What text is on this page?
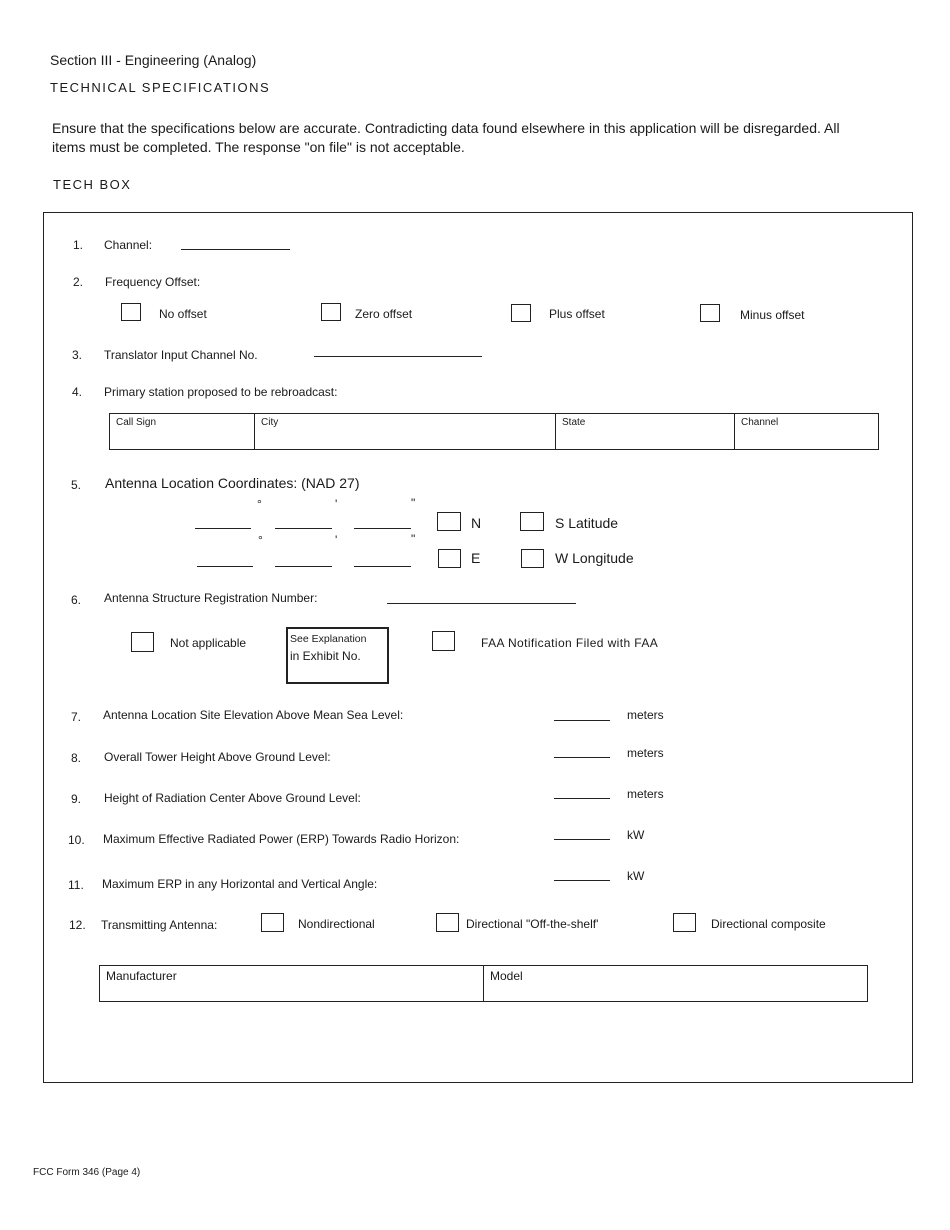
Section III - Engineering (Analog)
TECHNICAL SPECIFICATIONS
Ensure that the specifications below are accurate. Contradicting data found elsewhere in this application will be disregarded. All
items must be completed. The response "on file" is not acceptable.
TECH BOX
1. Channel:
2. Frequency Offset:
No offset	Zero offset	Plus offset	Minus offset
3. Translator Input Channel No.
4. Primary station proposed to be rebroadcast:
Call Sign	City	State	Channel
5. Antenna Location Coordinates: (NAD 27)
°	'	"
N	S Latitude
°	'	"
E	W Longitude
6. Antenna Structure Registration Number:
Not applicable	See Explanation
in Exhibit No.
FAA Notification Filed with FAA
7. Antenna Location Site Elevation Above Mean Sea Level:	meters
8. Overall Tower Height Above Ground Level:	meters
9. Height of Radiation Center Above Ground Level:	meters
10. Maximum Effective Radiated Power (ERP) Towards Radio Horizon:	kW
11. Maximum ERP in any Horizontal and Vertical Angle:
kW
12. Transmitting Antenna:	Nondirectional	Directional "Off-the-shelf'	Directional composite
Manufacturer	Model
FCC Form 346 (Page 4)
